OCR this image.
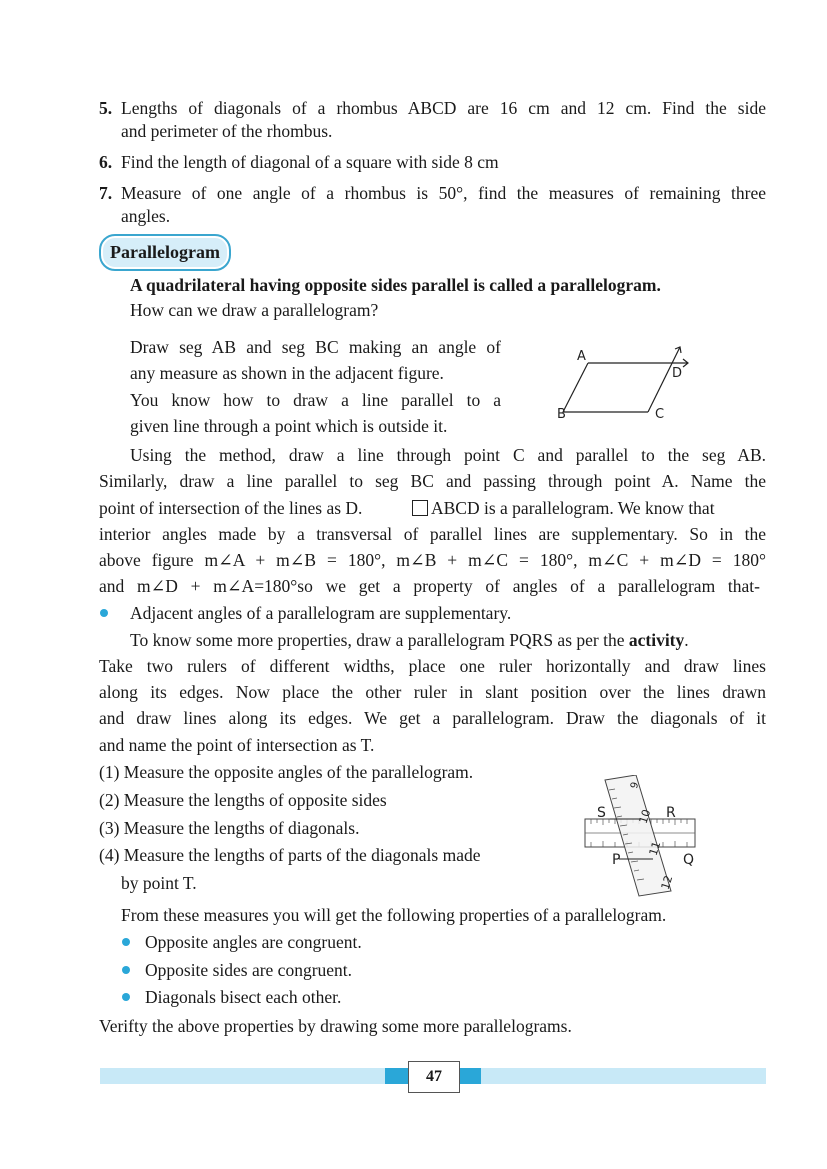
5. Lengths of diagonals of a rhombus ABCD are 16 cm and 12 cm. Find the side
and perimeter of the rhombus.
6. Find the length of diagonal of a square with side 8 cm
7. Measure of one angle of a rhombus is 50°, find the measures of remaining three
angles.
Parallelogram
A quadrilateral having opposite sides parallel is called a parallelogram.
How can we draw a parallelogram?
Draw seg AB and seg BC making an angle of
any measure as shown in the adjacent figure.
You know how to draw a line parallel to a
given line through a point which is outside it.
A
D
B	C
Using the method, draw a line through point C and parallel to the seg AB.
Similarly, draw a line parallel to seg BC and passing through point A. Name the
point of intersection of the lines as D.	ABCD is a parallelogram. We know that
interior angles made by a transversal of parallel lines are supplementary. So in the
above figure m∠A + m∠B = 180°, m∠B + m∠C = 180°, m∠C + m∠D = 180°
and m∠D + m∠A=180°so we get a property of angles of a parallelogram that-
Adjacent angles of a parallelogram are supplementary.
To know some more properties, draw a parallelogram PQRS as per the activity.
Take two rulers of different widths, place one ruler horizontally and draw lines
along its edges. Now place the other ruler in slant position over the lines drawn
and draw lines along its edges. We get a parallelogram. Draw the diagonals of it
and name the point of intersection as T.
(1) Measure the opposite angles of the parallelogram.
(2) Measure the lengths of opposite sides
(3) Measure the lengths of diagonals.
(4) Measure the lengths of parts of the diagonals made
by point T.
S	R
P	Q
9
10
11
12
From these measures you will get the following properties of a parallelogram.
Opposite angles are congruent.
Opposite sides are congruent.
Diagonals bisect each other.
Verifty the above properties by drawing some more parallelograms.
47
